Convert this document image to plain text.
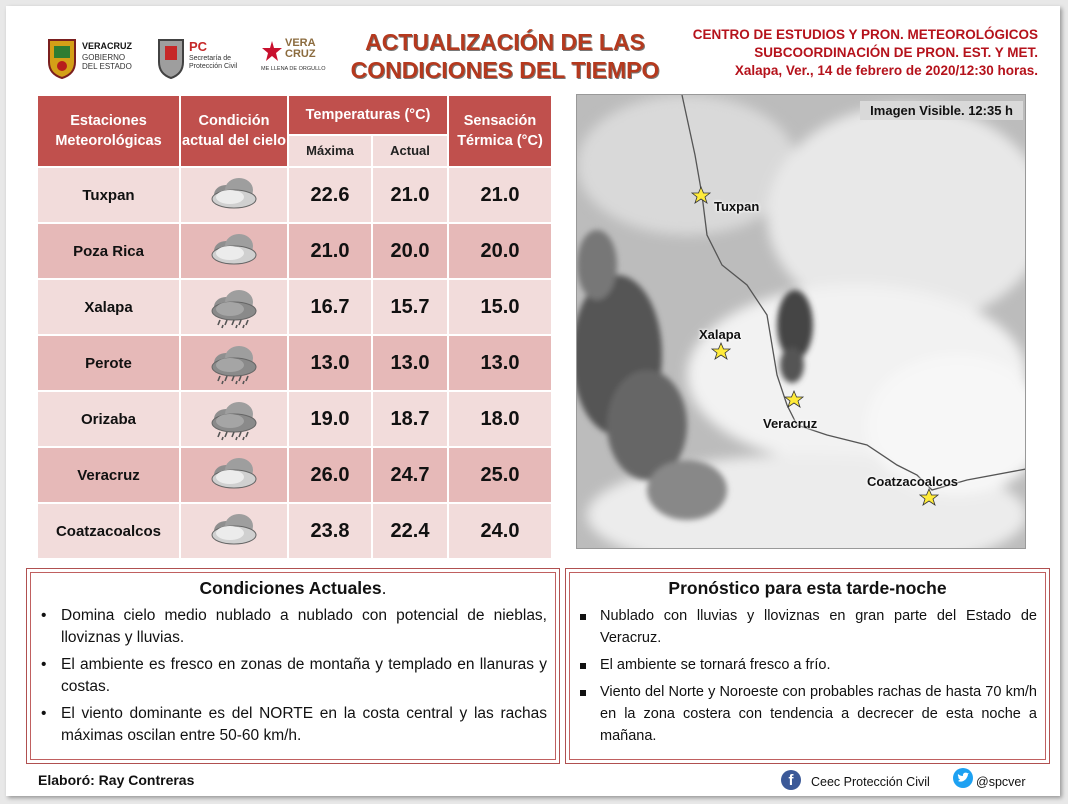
VERACRUZ
GOBIERNO
DEL ESTADO
PC
Secretaría de
Protección Civil
VERA
CRUZ
ME LLENA DE ORGULLO
ACTUALIZACIÓN DE LAS
CONDICIONES DEL TIEMPO
CENTRO DE ESTUDIOS Y PRON. METEOROLÓGICOS
SUBCOORDINACIÓN DE PRON. EST. Y MET.
Xalapa, Ver., 14 de febrero de 2020/12:30 horas.
Estaciones Meteorológicas	Condición actual del cielo	Temperaturas (°C)		Sensación Térmica (°C)
		Máxima	Actual	
Tuxpan		22.6	21.0	21.0
Poza Rica		21.0	20.0	20.0
Xalapa		16.7	15.7	15.0
Perote		13.0	13.0	13.0
Orizaba		19.0	18.7	18.0
Veracruz		26.0	24.7	25.0
Coatzacoalcos		23.8	22.4	24.0
Imagen Visible. 12:35 h
Tuxpan
Xalapa
Veracruz
Coatzacoalcos
Condiciones Actuales.
• Domina cielo medio nublado a nublado con potencial de nieblas, lloviznas y lluvias.
• El ambiente es fresco en zonas de montaña y templado en llanuras y costas.
• El viento dominante es del NORTE en la costa central y las rachas máximas oscilan entre 50-60 km/h.
Pronóstico para esta tarde-noche
Nublado con lluvias y lloviznas en gran parte del Estado de Veracruz.
El ambiente se tornará fresco a frío.
Viento del Norte y Noroeste con probables rachas de hasta 70 km/h en la zona costera con tendencia a decrecer de esta noche a mañana.
Elaboró: Ray Contreras	f	Ceec Protección Civil	@spcver
